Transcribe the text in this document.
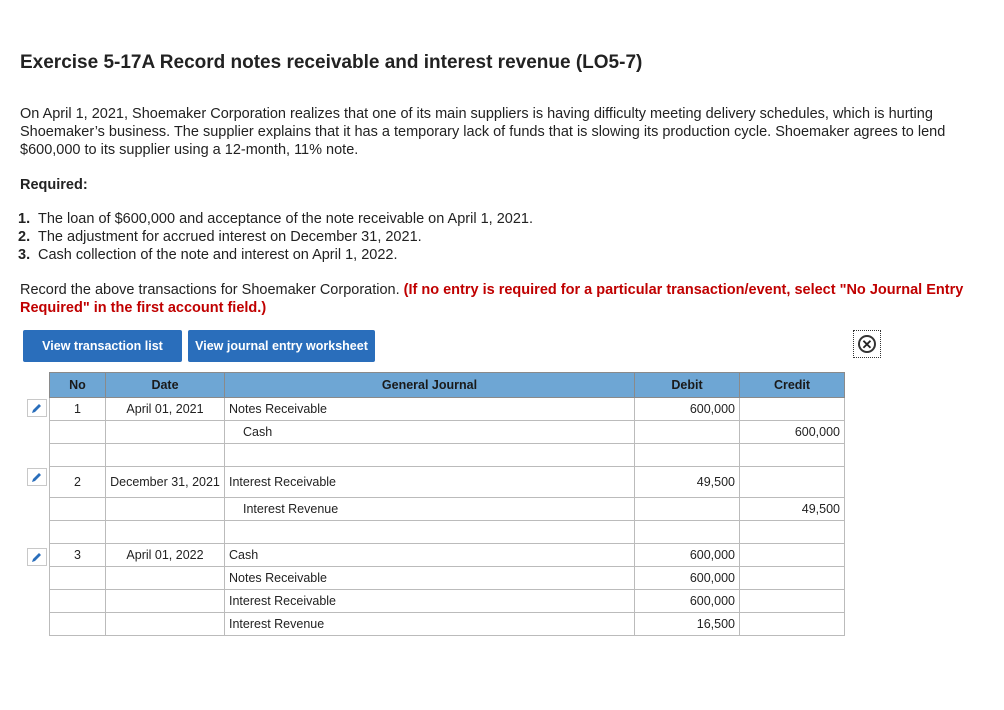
Exercise 5-17A Record notes receivable and interest revenue (LO5-7)
On April 1, 2021, Shoemaker Corporation realizes that one of its main suppliers is having difficulty meeting delivery schedules, which is hurting Shoemaker’s business. The supplier explains that it has a temporary lack of funds that is slowing its production cycle. Shoemaker agrees to lend $600,000 to its supplier using a 12-month, 11% note.
Required:
1. The loan of $600,000 and acceptance of the note receivable on April 1, 2021.
2. The adjustment for accrued interest on December 31, 2021.
3. Cash collection of the note and interest on April 1, 2022.
Record the above transactions for Shoemaker Corporation. (If no entry is required for a particular transaction/event, select "No Journal Entry Required" in the first account field.)
View transaction list	View journal entry worksheet	✕
No	Date	General Journal	Debit	Credit
1	April 01, 2021	Notes Receivable	600,000	
		Cash		600,000

2	December 31, 2021	Interest Receivable	49,500	
		Interest Revenue		49,500

3	April 01, 2022	Cash	600,000	
		Notes Receivable	600,000	
		Interest Receivable	600,000	
		Interest Revenue	16,500	
